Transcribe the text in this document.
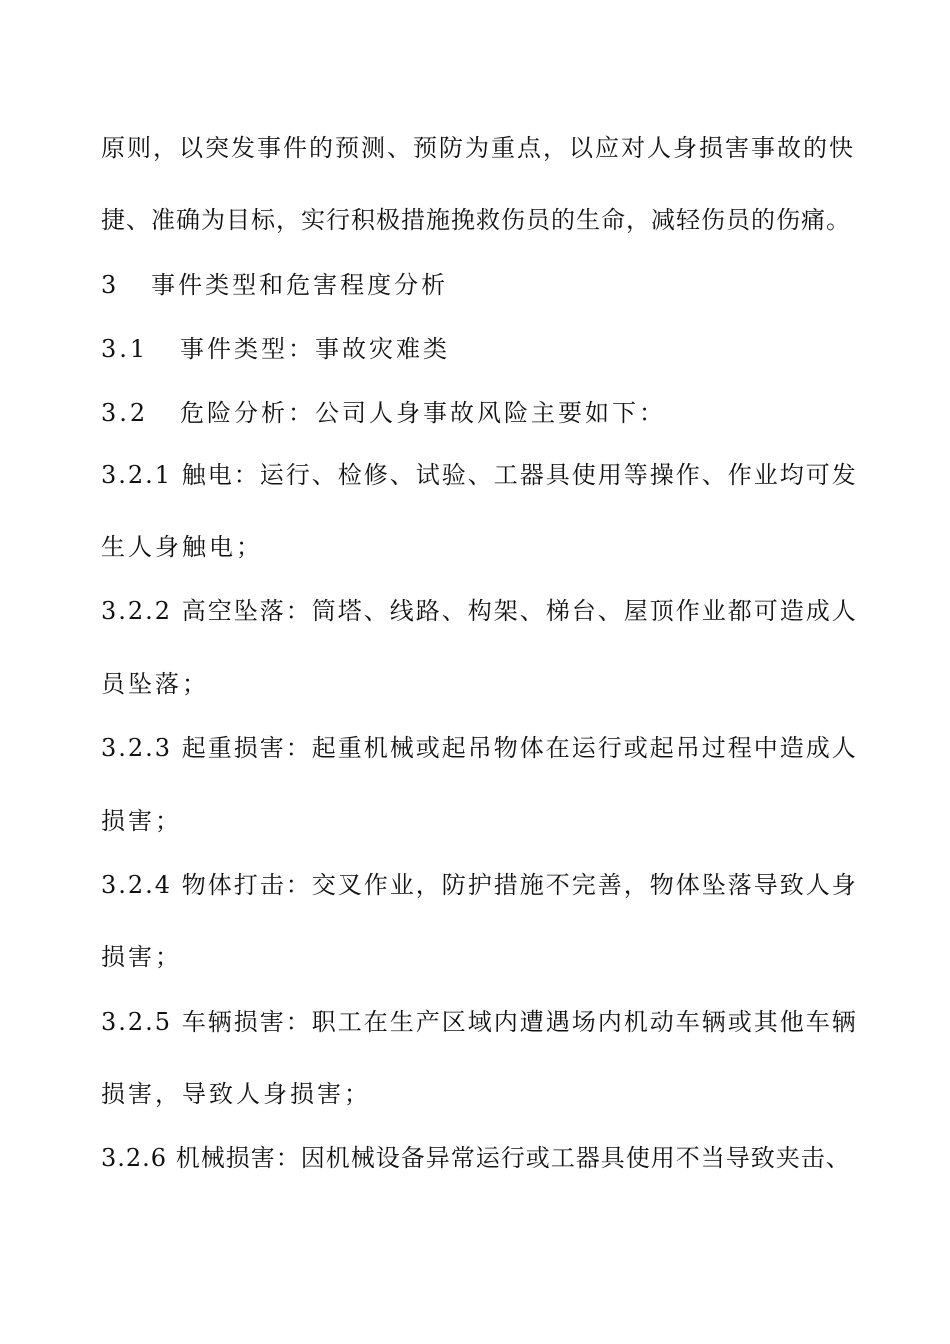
原则，以突发事件的预测、预防为重点，以应对人身损害事故的快
捷、准确为目标，实行积极措施挽救伤员的生命，减轻伤员的伤痛。
3   事件类型和危害程度分析
3.1   事件类型：事故灾难类
3.2   危险分析：公司人身事故风险主要如下：
3.2.1 触电：运行、检修、试验、工器具使用等操作、作业均可发
生人身触电；
3.2.2 高空坠落：筒塔、线路、构架、梯台、屋顶作业都可造成人
员坠落；
3.2.3 起重损害：起重机械或起吊物体在运行或起吊过程中造成人
损害；
3.2.4 物体打击：交叉作业，防护措施不完善，物体坠落导致人身
损害；
3.2.5 车辆损害：职工在生产区域内遭遇场内机动车辆或其他车辆
损害，导致人身损害；
3.2.6 机械损害：因机械设备异常运行或工器具使用不当导致夹击、
